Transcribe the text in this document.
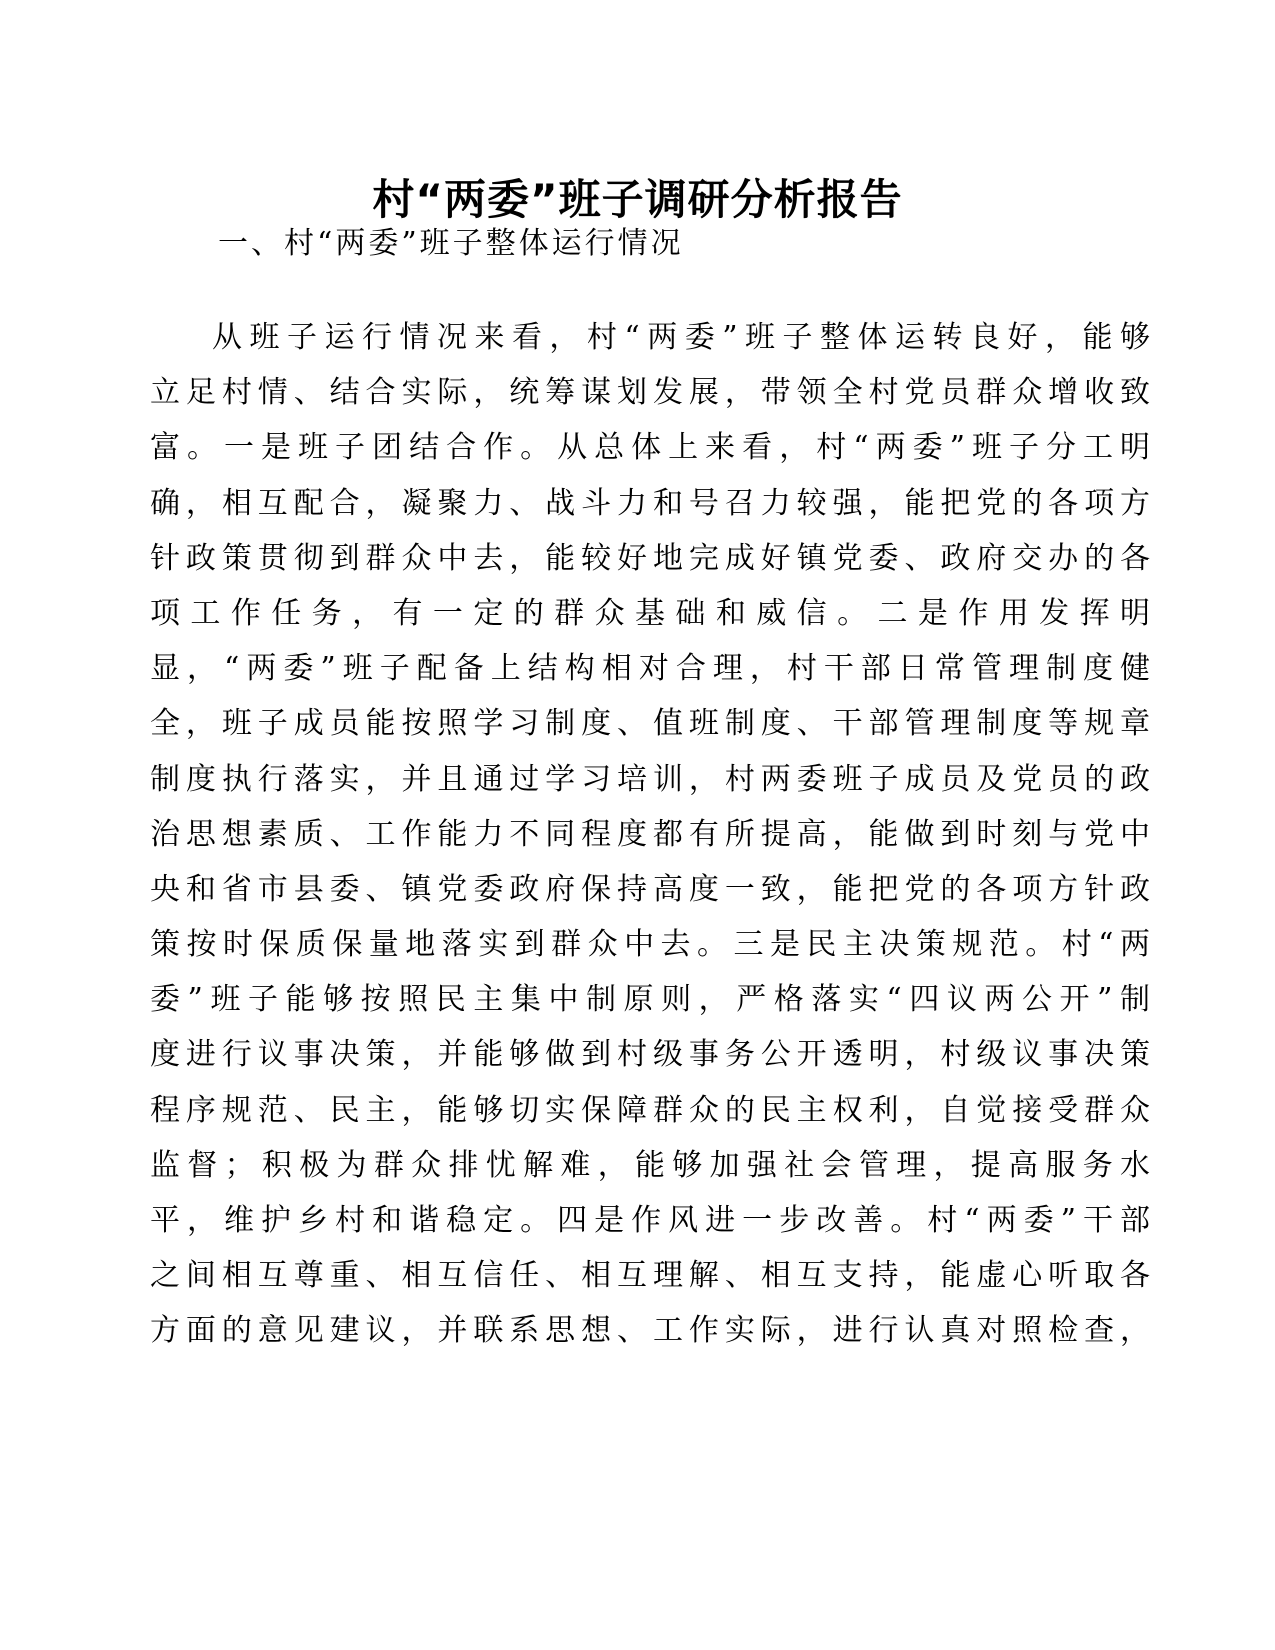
村“两委”班子调研分析报告
一、村“两委”班子整体运行情况
从班子运行情况来看，村“两委”班子整体运转良好，能够
立足村情、结合实际，统筹谋划发展，带领全村党员群众增收致
富。一是班子团结合作。从总体上来看，村“两委”班子分工明
确，相互配合，凝聚力、战斗力和号召力较强，能把党的各项方
针政策贯彻到群众中去，能较好地完成好镇党委、政府交办的各
项工作任务，有一定的群众基础和威信。二是作用发挥明
显，“两委”班子配备上结构相对合理，村干部日常管理制度健
全，班子成员能按照学习制度、值班制度、干部管理制度等规章
制度执行落实，并且通过学习培训，村两委班子成员及党员的政
治思想素质、工作能力不同程度都有所提高，能做到时刻与党中
央和省市县委、镇党委政府保持高度一致，能把党的各项方针政
策按时保质保量地落实到群众中去。三是民主决策规范。村“两
委”班子能够按照民主集中制原则，严格落实“四议两公开”制
度进行议事决策，并能够做到村级事务公开透明，村级议事决策
程序规范、民主，能够切实保障群众的民主权利，自觉接受群众
监督；积极为群众排忧解难，能够加强社会管理，提高服务水
平，维护乡村和谐稳定。四是作风进一步改善。村“两委”干部
之间相互尊重、相互信任、相互理解、相互支持，能虚心听取各
方面的意见建议，并联系思想、工作实际，进行认真对照检查，
